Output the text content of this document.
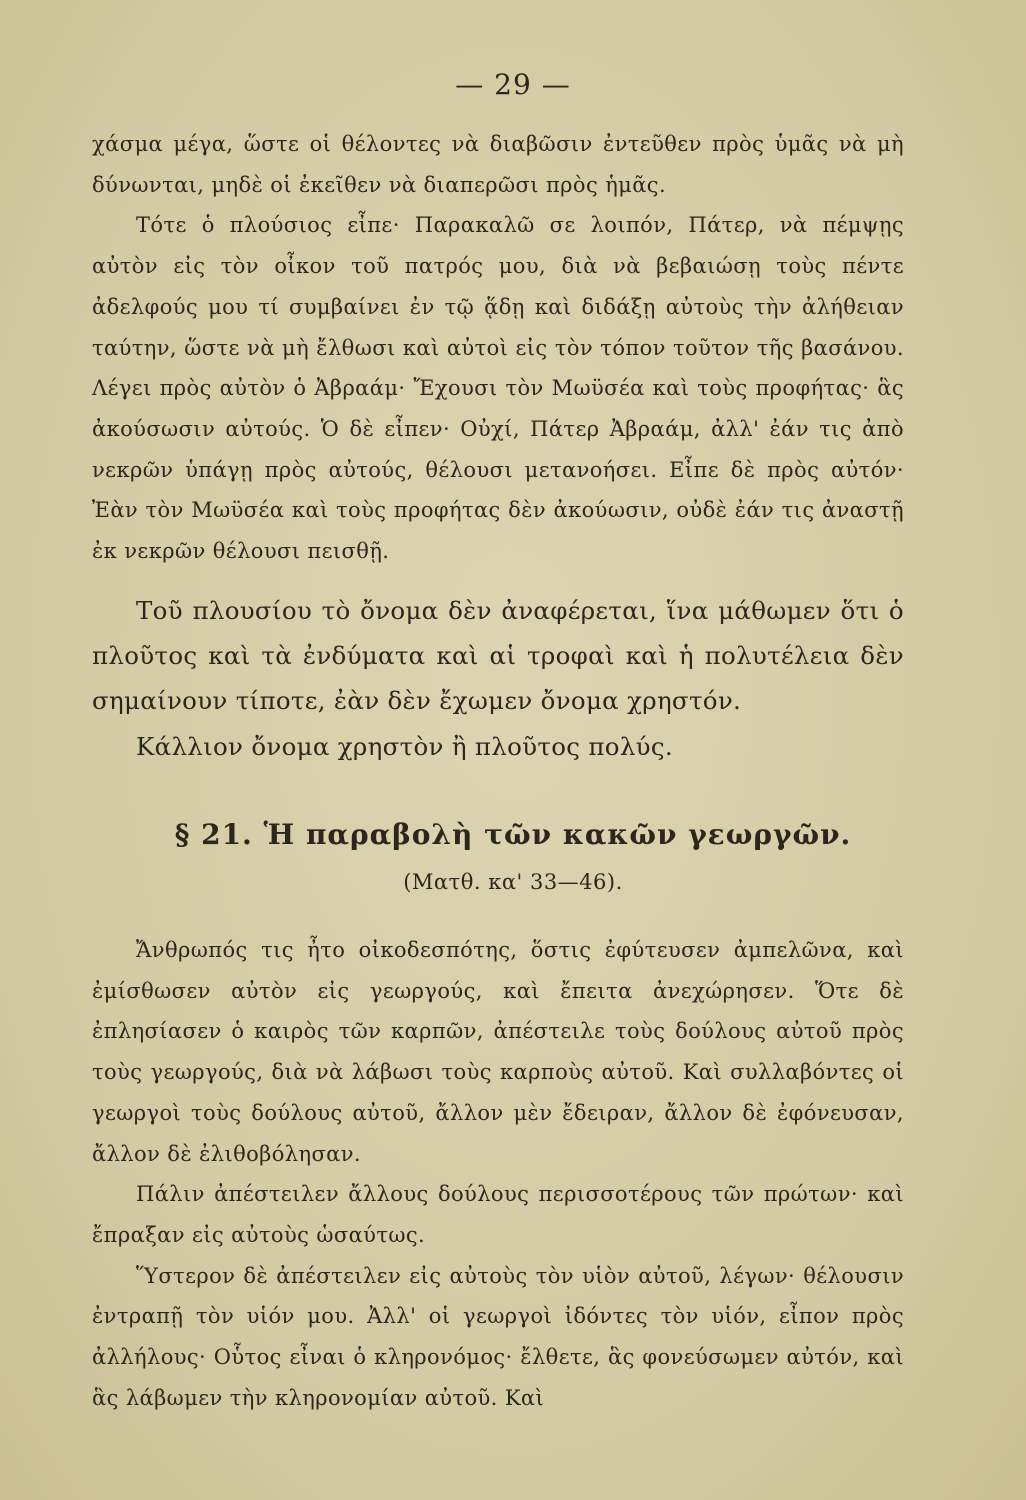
— 29 —

χάσμα μέγα, ὥστε οἱ θέλοντες νὰ διαβῶσιν ἐντεῦθεν πρὸς ὑμᾶς νὰ μὴ δύνωνται, μηδὲ οἱ ἐκεῖθεν νὰ διαπερῶσι πρὸς ἡμᾶς.

Τότε ὁ πλούσιος εἶπε· Παρακαλῶ σε λοιπόν, Πάτερ, νὰ πέμψῃς αὐτὸν εἰς τὸν οἶκον τοῦ πατρός μου, διὰ νὰ βεβαιώσῃ τοὺς πέντε ἀδελφούς μου τί συμβαίνει ἐν τῷ ᾅδῃ καὶ διδάξῃ αὐτοὺς τὴν ἀλήθειαν ταύτην, ὥστε νὰ μὴ ἔλθωσι καὶ αὐτοὶ εἰς τὸν τόπον τοῦτον τῆς βασάνου. Λέγει πρὸς αὐτὸν ὁ Ἀβραάμ· Ἔχουσι τὸν Μωϋσέα καὶ τοὺς προφήτας· ἃς ἀκούσωσιν αὐτούς. Ὁ δὲ εἶπεν· Οὐχί, Πάτερ Ἀβραάμ, ἀλλ' ἐάν τις ἀπὸ νεκρῶν ὑπάγῃ πρὸς αὐτούς, θέλουσι μετανοήσει. Εἶπε δὲ πρὸς αὐτόν· Ἐὰν τὸν Μωϋσέα καὶ τοὺς προφήτας δὲν ἀκούωσιν, οὐδὲ ἐάν τις ἀναστῇ ἐκ νεκρῶν θέλουσι πεισθῇ.

Τοῦ πλουσίου τὸ ὄνομα δὲν ἀναφέρεται, ἵνα μάθωμεν ὅτι ὁ πλοῦτος καὶ τὰ ἐνδύματα καὶ αἱ τροφαὶ καὶ ἡ πολυτέλεια δὲν σημαίνουν τίποτε, ἐὰν δὲν ἔχωμεν ὄνομα χρηστόν.

Κάλλιον ὄνομα χρηστὸν ἢ πλοῦτος πολύς.

§ 21. Ἡ παραβολὴ τῶν κακῶν γεωργῶν.
(Ματθ. κα' 33—46).

Ἄνθρωπός τις ἦτο οἰκοδεσπότης, ὅστις ἐφύτευσεν ἀμπελῶνα, καὶ ἐμίσθωσεν αὐτὸν εἰς γεωργούς, καὶ ἔπειτα ἀνεχώρησεν. Ὅτε δὲ ἐπλησίασεν ὁ καιρὸς τῶν καρπῶν, ἀπέστειλε τοὺς δούλους αὐτοῦ πρὸς τοὺς γεωργούς, διὰ νὰ λάβωσι τοὺς καρποὺς αὐτοῦ. Καὶ συλλαβόντες οἱ γεωργοὶ τοὺς δούλους αὐτοῦ, ἄλλον μὲν ἔδειραν, ἄλλον δὲ ἐφόνευσαν, ἄλλον δὲ ἐλιθοβόλησαν.

Πάλιν ἀπέστειλεν ἄλλους δούλους περισσοτέρους τῶν πρώτων· καὶ ἔπραξαν εἰς αὐτοὺς ὡσαύτως.

Ὕστερον δὲ ἀπέστειλεν εἰς αὐτοὺς τὸν υἱὸν αὐτοῦ, λέγων· θέλουσιν ἐντραπῇ τὸν υἱόν μου. Ἀλλ' οἱ γεωργοὶ ἰδόντες τὸν υἱόν, εἶπον πρὸς ἀλλήλους· Οὗτος εἶναι ὁ κληρονόμος· ἔλθετε, ἃς φονεύσωμεν αὐτόν, καὶ ἃς λάβωμεν τὴν κληρονομίαν αὐτοῦ. Καὶ
